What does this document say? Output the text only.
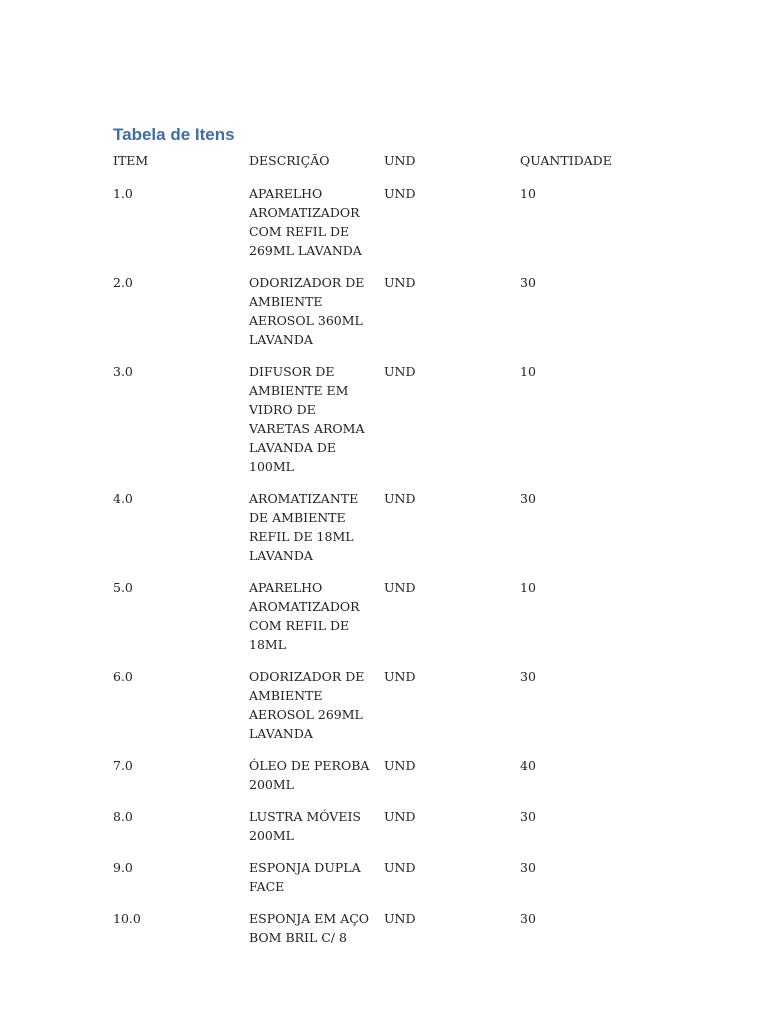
Tabela de Itens
ITEM	DESCRIÇÃO	UND	QUANTIDADE
1.0	APARELHO AROMATIZADOR COM REFIL DE 269ML LAVANDA	UND	10
2.0	ODORIZADOR DE AMBIENTE AEROSOL 360ML LAVANDA	UND	30
3.0	DIFUSOR DE AMBIENTE EM VIDRO DE VARETAS AROMA LAVANDA DE 100ML	UND	10
4.0	AROMATIZANTE DE AMBIENTE REFIL DE 18ML LAVANDA	UND	30
5.0	APARELHO AROMATIZADOR COM REFIL DE 18ML	UND	10
6.0	ODORIZADOR DE AMBIENTE AEROSOL 269ML LAVANDA	UND	30
7.0	ÓLEO DE PEROBA 200ML	UND	40
8.0	LUSTRA MÓVEIS 200ML	UND	30
9.0	ESPONJA DUPLA FACE	UND	30
10.0	ESPONJA EM AÇO BOM BRIL C/ 8	UND	30
